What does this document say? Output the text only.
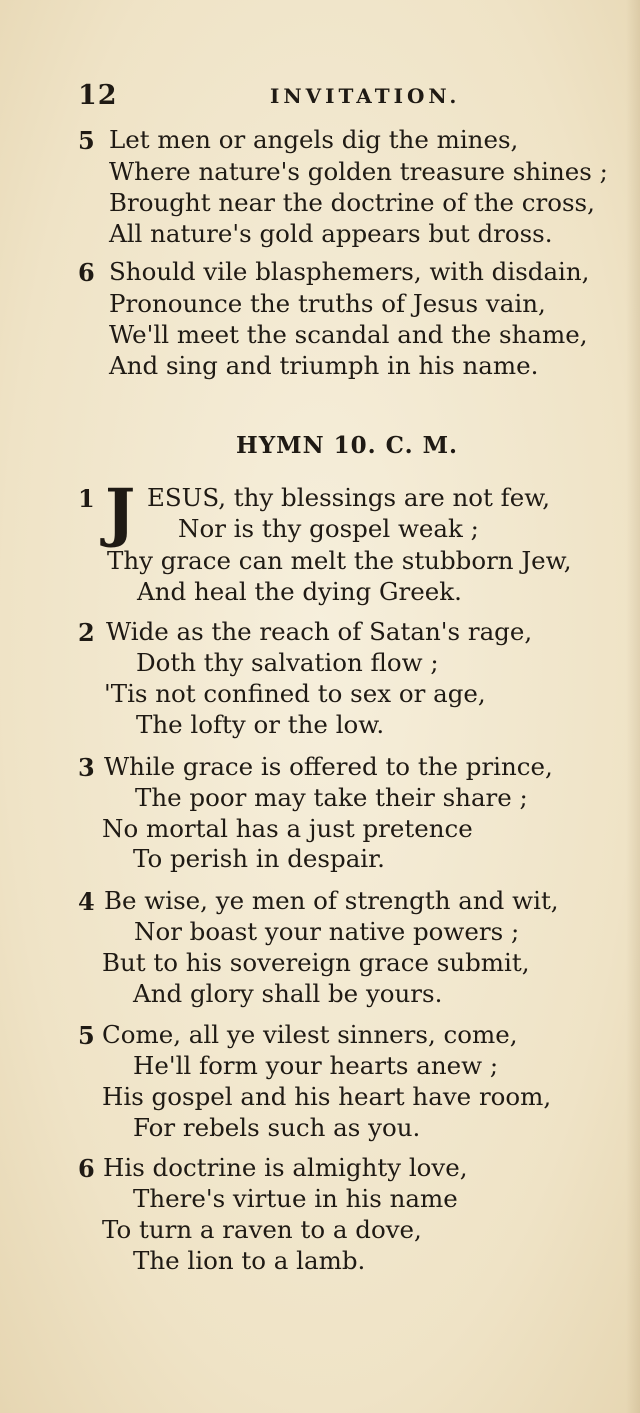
12	INVITATION.
5 Let men or angels dig the mines,
Where nature's golden treasure shines ;
Brought near the doctrine of the cross,
All nature's gold appears but dross.
6 Should vile blasphemers, with disdain,
Pronounce the truths of Jesus vain,
We'll meet the scandal and the shame,
And sing and triumph in his name.
HYMN 10. C. M.
1 J ESUS, thy blessings are not few,
Nor is thy gospel weak ;
Thy grace can melt the stubborn Jew,
And heal the dying Greek.
2 Wide as the reach of Satan's rage,
Doth thy salvation flow ;
'Tis not confined to sex or age,
The lofty or the low.
3 While grace is offered to the prince,
The poor may take their share ;
No mortal has a just pretence
To perish in despair.
4 Be wise, ye men of strength and wit,
Nor boast your native powers ;
But to his sovereign grace submit,
And glory shall be yours.
5 Come, all ye vilest sinners, come,
He'll form your hearts anew ;
His gospel and his heart have room,
For rebels such as you.
6 His doctrine is almighty love,
There's virtue in his name
To turn a raven to a dove,
The lion to a lamb.
